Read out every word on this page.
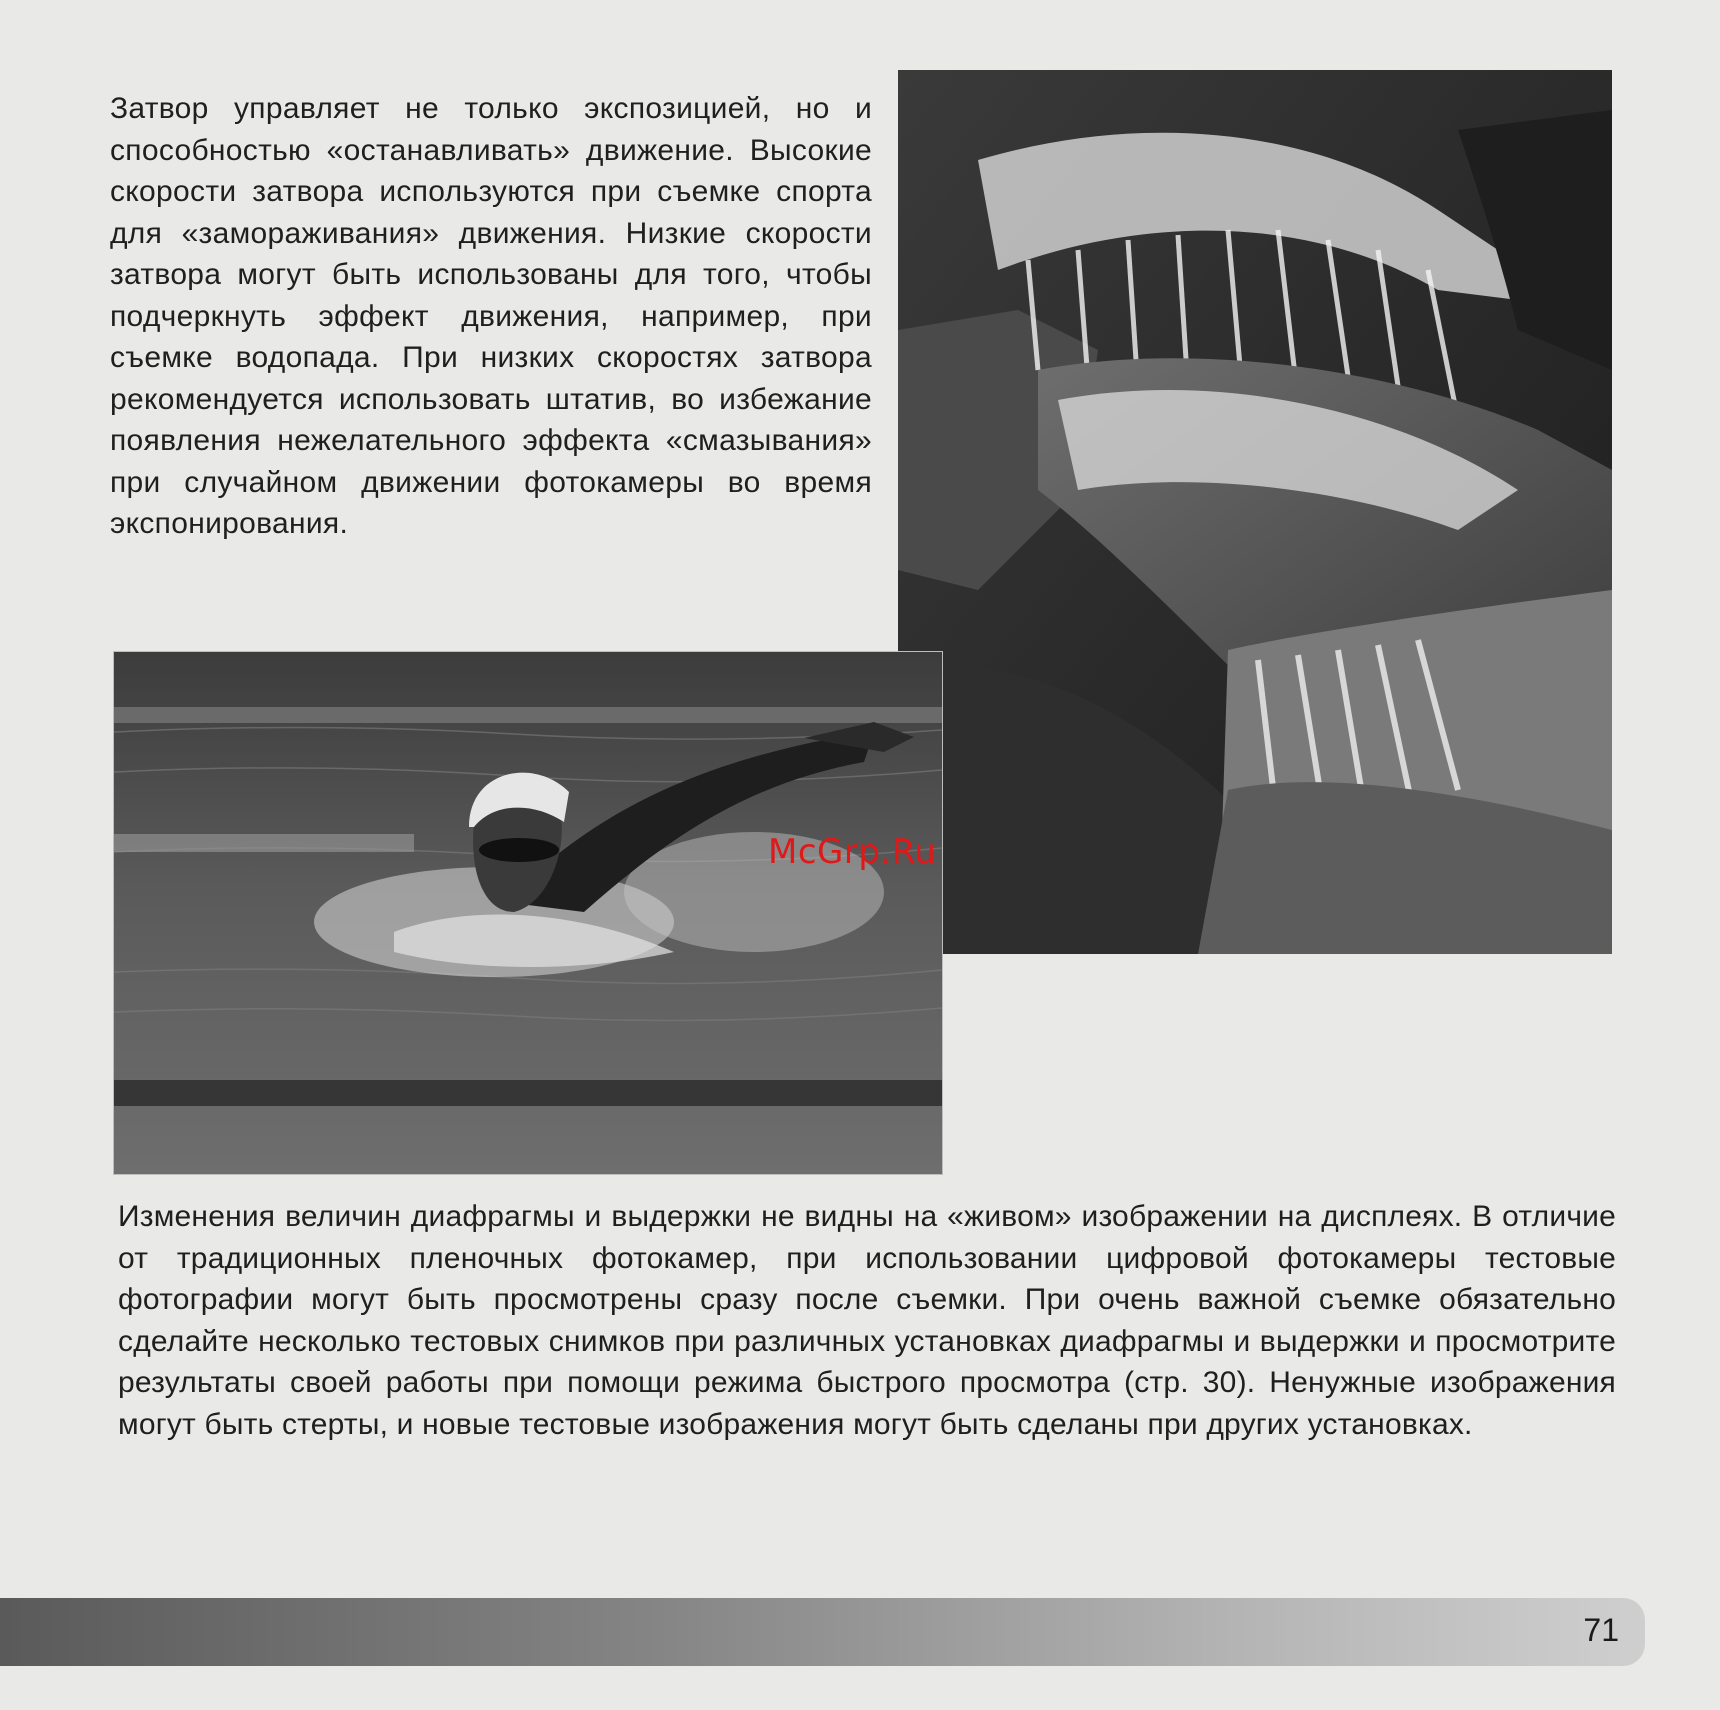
Затвор управляет не только экспозицией, но и способностью «останавливать» движение. Высокие скорости затвора используются при съемке спорта для «замораживания» движения. Низкие скорости затвора могут быть использованы для того, чтобы подчеркнуть эффект движения, например, при съемке водопада. При низких скоростях затвора рекомендуется использовать штатив, во избежание появления нежелательного эффекта «смазывания» при случайном движении фотокамеры во время экспонирования.

McGrp.Ru

Изменения величин диафрагмы и выдержки не видны на «живом» изображении на дисплеях. В отличие от традиционных пленочных фотокамер, при использовании цифровой фотокамеры тестовые фотографии могут быть просмотрены сразу после съемки. При очень важной съемке обязательно сделайте несколько тестовых снимков при различных установках диафрагмы и выдержки и просмотрите результаты своей работы при помощи режима быстрого просмотра (стр. 30). Ненужные изображения могут быть стерты, и новые тестовые изображения могут быть сделаны при других установках.

71
